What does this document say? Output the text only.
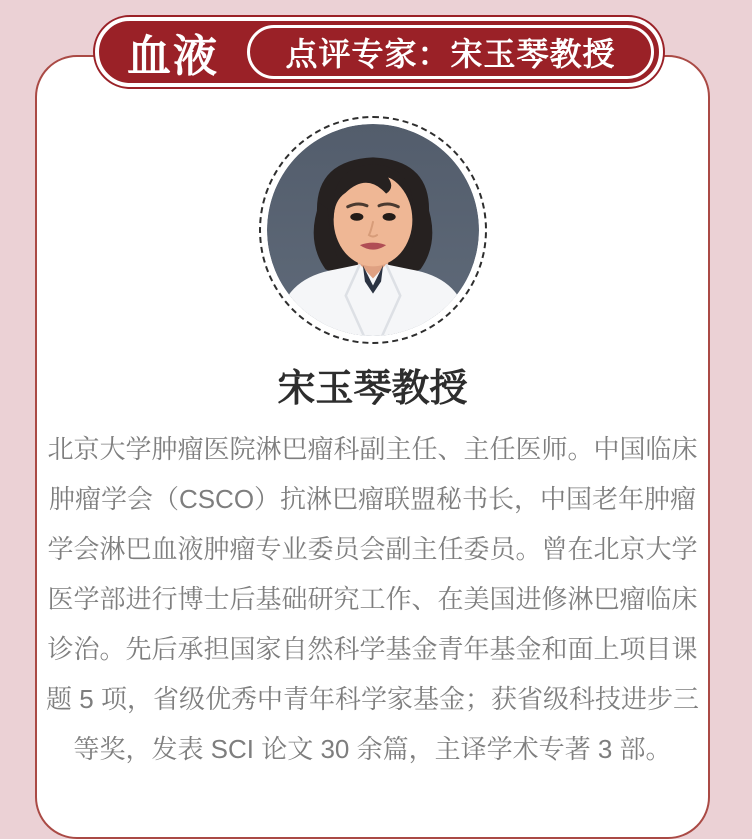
血液	点评专家：宋玉琴教授
宋玉琴教授
北京大学肿瘤医院淋巴瘤科副主任、主任医师。中国临床
肿瘤学会（CSCO）抗淋巴瘤联盟秘书长，中国老年肿瘤
学会淋巴血液肿瘤专业委员会副主任委员。曾在北京大学
医学部进行博士后基础研究工作、在美国进修淋巴瘤临床
诊治。先后承担国家自然科学基金青年基金和面上项目课
题 5 项，省级优秀中青年科学家基金；获省级科技进步三
等奖，发表 SCI 论文 30 余篇，主译学术专著 3 部。
